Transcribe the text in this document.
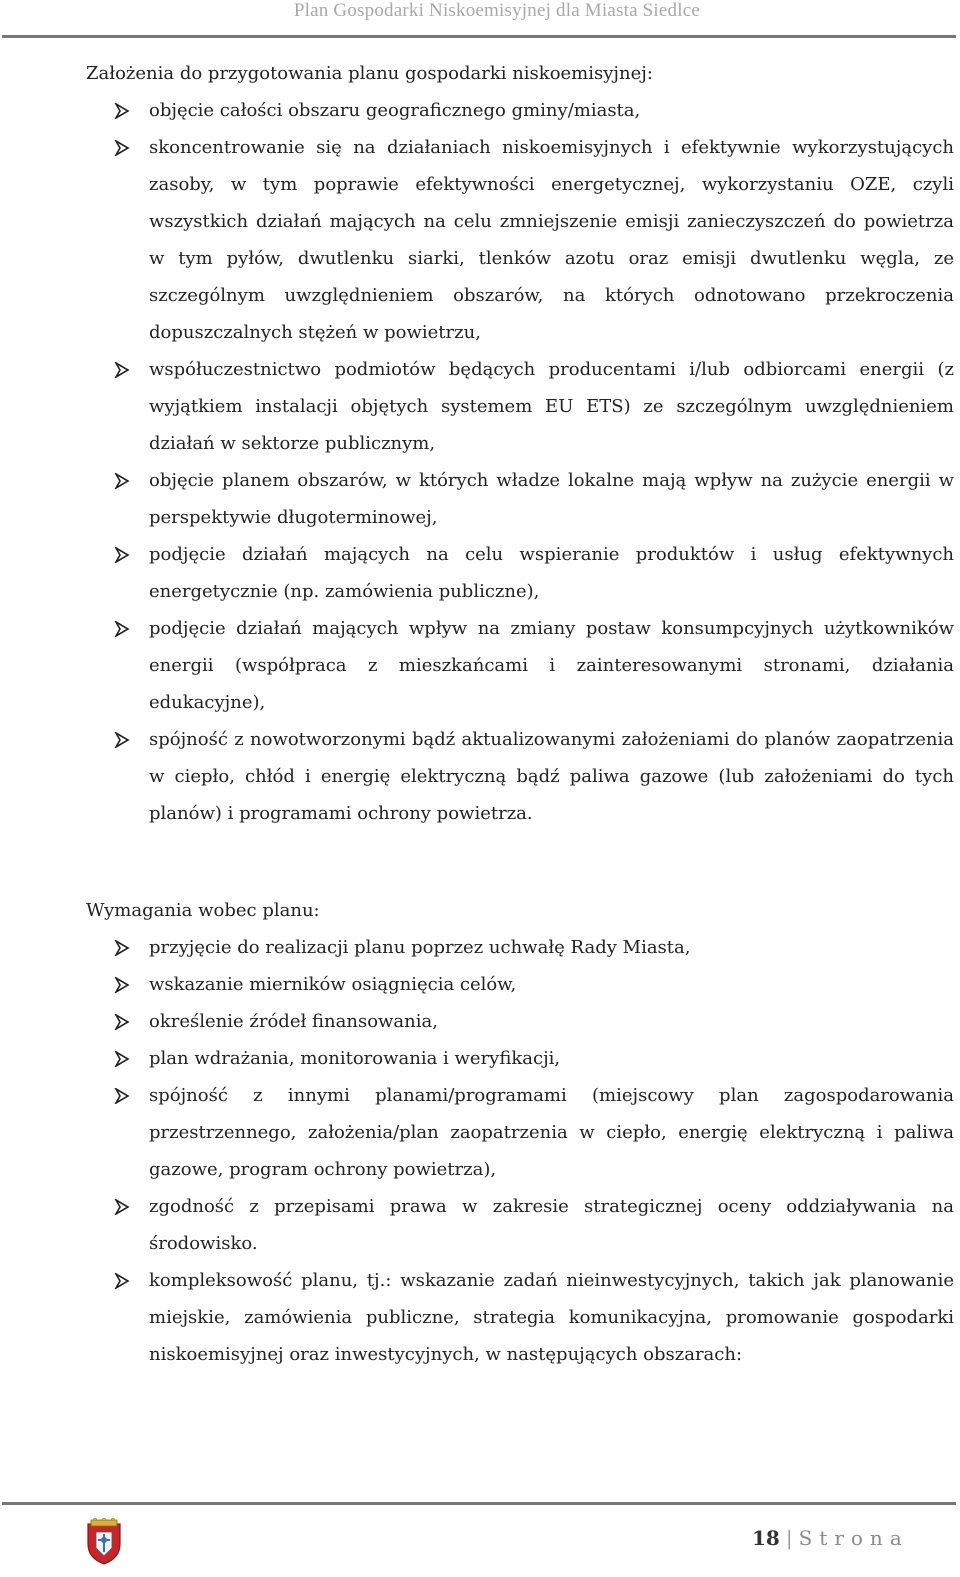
Plan Gospodarki Niskoemisyjnej dla Miasta Siedlce

Założenia do przygotowania planu gospodarki niskoemisyjnej:

objęcie całości obszaru geograficznego gminy/miasta,
skoncentrowanie się na działaniach niskoemisyjnych i efektywnie wykorzystujących zasoby, w tym poprawie efektywności energetycznej, wykorzystaniu OZE, czyli wszystkich działań mających na celu zmniejszenie emisji zanieczyszczeń do powietrza w tym pyłów, dwutlenku siarki, tlenków azotu oraz emisji dwutlenku węgla, ze szczególnym uwzględnieniem obszarów, na których odnotowano przekroczenia dopuszczalnych stężeń w powietrzu,
współuczestnictwo podmiotów będących producentami i/lub odbiorcami energii (z wyjątkiem instalacji objętych systemem EU ETS) ze szczególnym uwzględnieniem działań w sektorze publicznym,
objęcie planem obszarów, w których władze lokalne mają wpływ na zużycie energii w perspektywie długoterminowej,
podjęcie działań mających na celu wspieranie produktów i usług efektywnych energetycznie (np. zamówienia publiczne),
podjęcie działań mających wpływ na zmiany postaw konsumpcyjnych użytkowników energii (współpraca z mieszkańcami i zainteresowanymi stronami, działania edukacyjne),
spójność z nowotworzonymi bądź aktualizowanymi założeniami do planów zaopatrzenia w ciepło, chłód i energię elektryczną bądź paliwa gazowe (lub założeniami do tych planów) i programami ochrony powietrza.

Wymagania wobec planu:

przyjęcie do realizacji planu poprzez uchwałę Rady Miasta,
wskazanie mierników osiągnięcia celów,
określenie źródeł finansowania,
plan wdrażania, monitorowania i weryfikacji,
spójność z innymi planami/programami (miejscowy plan zagospodarowania przestrzennego, założenia/plan zaopatrzenia w ciepło, energię elektryczną i paliwa gazowe, program ochrony powietrza),
zgodność z przepisami prawa w zakresie strategicznej oceny oddziaływania na środowisko.
kompleksowość planu, tj.: wskazanie zadań nieinwestycyjnych, takich jak planowanie miejskie, zamówienia publiczne, strategia komunikacyjna, promowanie gospodarki niskoemisyjnej oraz inwestycyjnych, w następujących obszarach:
18 | Strona
